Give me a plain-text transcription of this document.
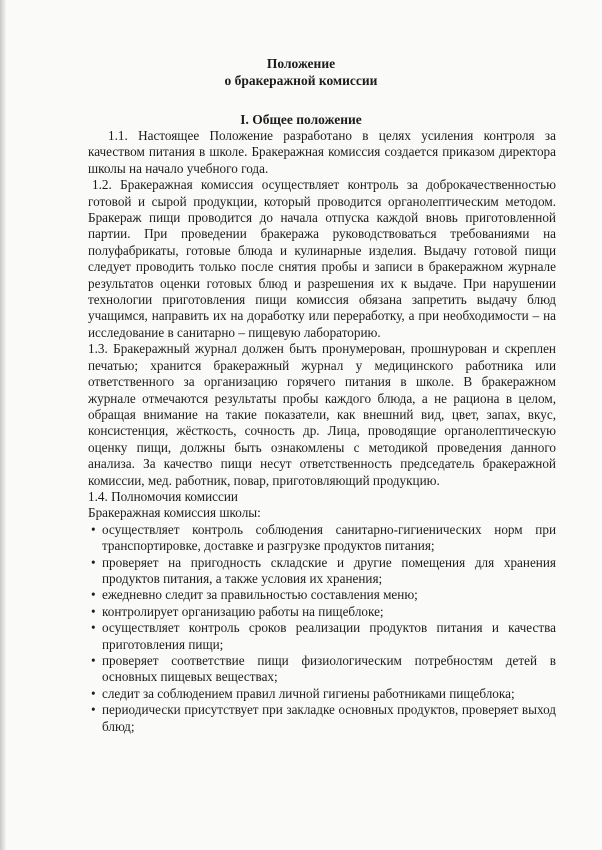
Положение
о бракеражной комиссии
I. Общее положение

1.1. Настоящее Положение разработано в целях усиления контроля за качеством питания в школе. Бракеражная комиссия создается приказом директора школы на начало учебного года.

1.2. Бракеражная комиссия осуществляет контроль за доброкачественностью готовой и сырой продукции, который проводится органолептическим методом. Бракераж пищи проводится до начала отпуска каждой вновь приготовленной партии. При проведении бракеража руководствоваться требованиями на полуфабрикаты, готовые блюда и кулинарные изделия. Выдачу готовой пищи следует проводить только после снятия пробы и записи в бракеражном журнале результатов оценки готовых блюд и разрешения их к выдаче. При нарушении технологии приготовления пищи комиссия обязана запретить выдачу блюд учащимся, направить их на доработку или переработку, а при необходимости – на исследование в санитарно – пищевую лабораторию.

1.3. Бракеражный журнал должен быть пронумерован, прошнурован и скреплен печатью; хранится бракеражный журнал у медицинского работника или ответственного за организацию горячего питания в школе. В бракеражном журнале отмечаются результаты пробы каждого блюда, а не рациона в целом, обращая внимание на такие показатели, как внешний вид, цвет, запах, вкус, консистенция, жёсткость, сочность др. Лица, проводящие органолептическую оценку пищи, должны быть ознакомлены с методикой проведения данного анализа. За качество пищи несут ответственность председатель бракеражной комиссии, мед. работник, повар, приготовляющий продукцию.

1.4. Полномочия комиссии

Бракеражная комиссия школы:

• осуществляет контроль соблюдения санитарно-гигиенических норм при транспортировке, доставке и разгрузке продуктов питания;
• проверяет на пригодность складские и другие помещения для хранения продуктов питания, а также условия их хранения;
• ежедневно следит за правильностью составления меню;
• контролирует организацию работы на пищеблоке;
• осуществляет контроль сроков реализации продуктов питания и качества приготовления пищи;
• проверяет соответствие пищи физиологическим потребностям детей в основных пищевых веществах;
• следит за соблюдением правил личной гигиены работниками пищеблока;
• периодически присутствует при закладке основных продуктов, проверяет выход блюд;
